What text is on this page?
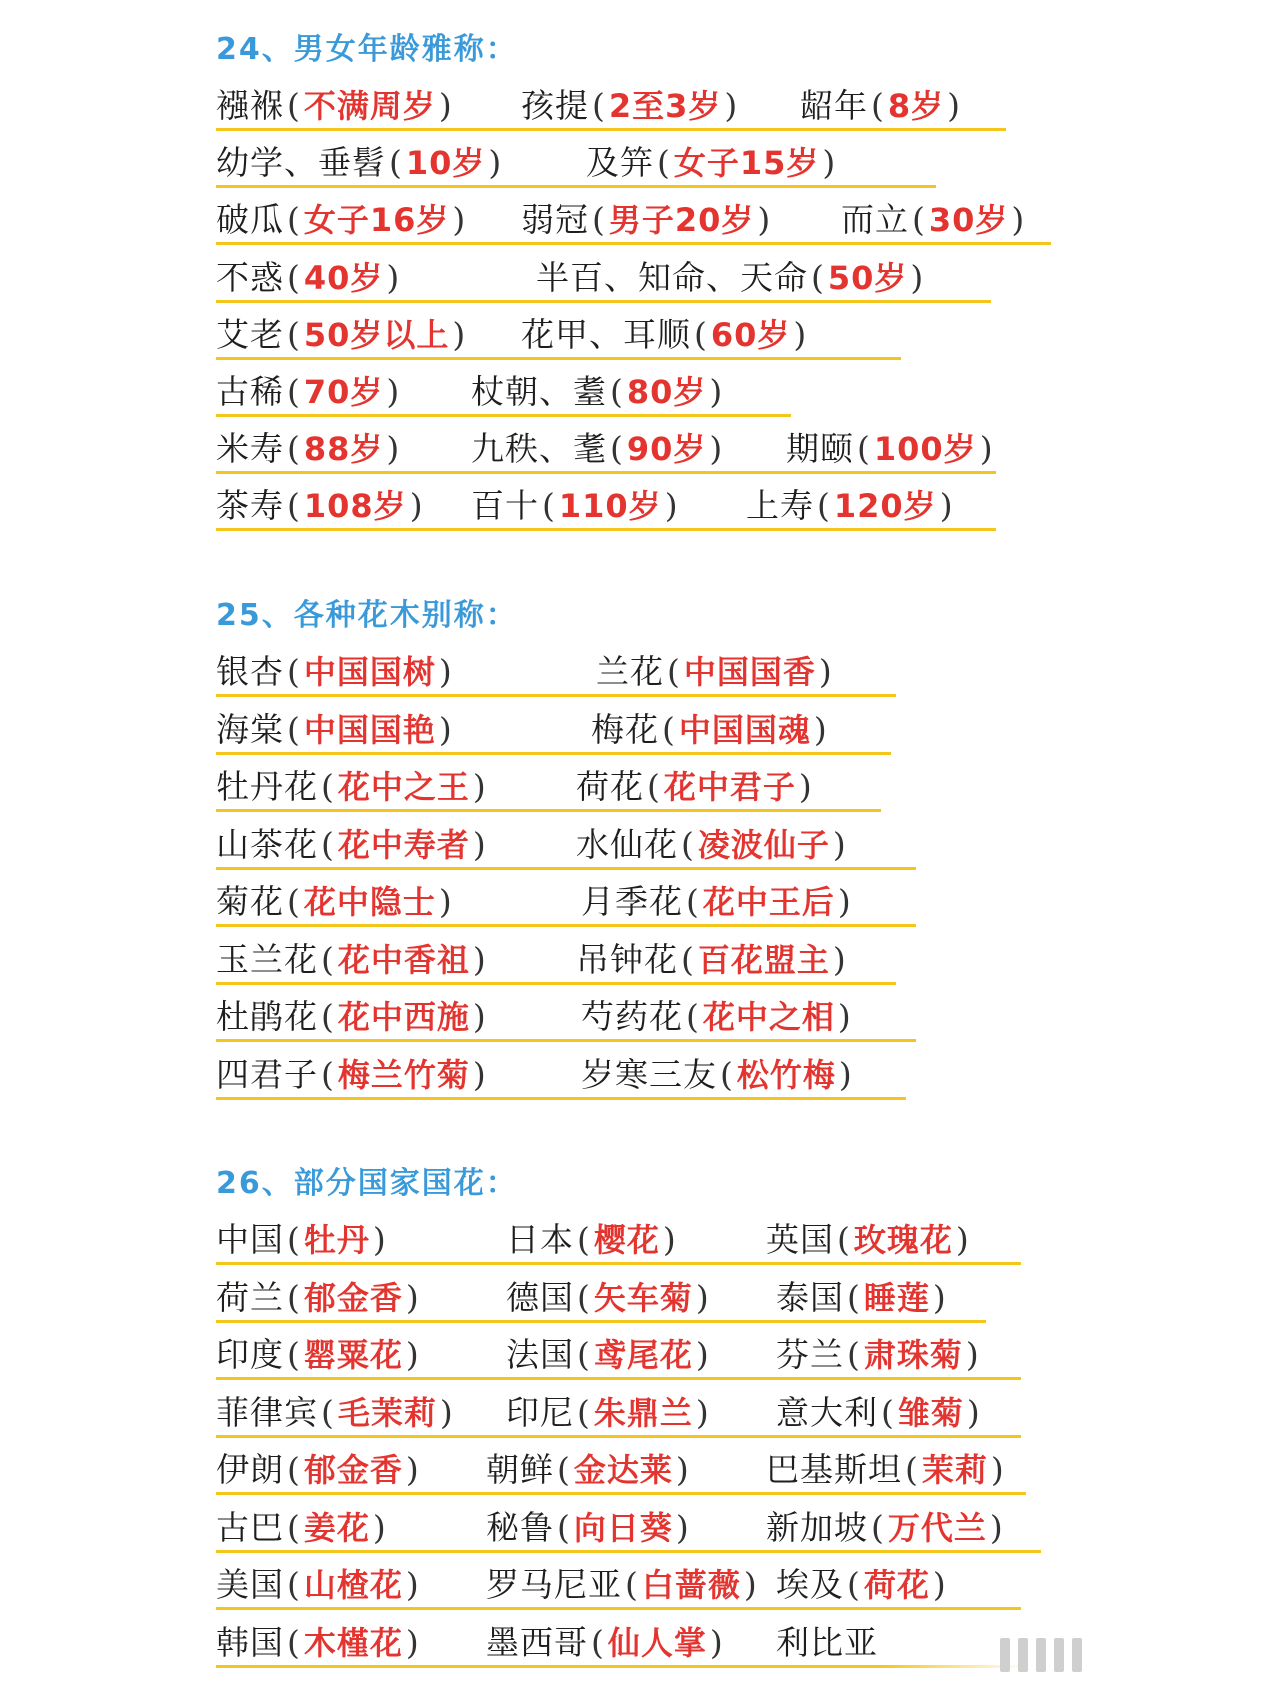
24、男女年龄雅称：
襁褓(不满周岁) 孩提(2至3岁) 龆年(8岁)
幼学、垂髫(10岁)	及笄(女子15岁)
破瓜(女子16岁) 弱冠(男子20岁) 而立(30岁)
不惑(40岁)	半百、知命、天命(50岁)
艾老(50岁以上) 花甲、耳顺(60岁)
古稀(70岁) 杖朝、耋(80岁)
米寿(88岁) 九秩、耄(90岁) 期颐(100岁)
茶寿(108岁) 百十(110岁) 上寿(120岁)
25、各种花木别称：
银杏(中国国树)	兰花(中国国香)
海棠(中国国艳)	梅花(中国国魂)
牡丹花(花中之王)	荷花(花中君子)
山茶花(花中寿者)	水仙花(凌波仙子)
菊花(花中隐士)	月季花(花中王后)
玉兰花(花中香祖)	吊钟花(百花盟主)
杜鹃花(花中西施)	芍药花(花中之相)
四君子(梅兰竹菊)	岁寒三友(松竹梅)
26、部分国家国花：
中国(牡丹)	日本(樱花)	英国(玫瑰花)
荷兰(郁金香)	德国(矢车菊) 泰国(睡莲)
印度(罂粟花)	法国(鸢尾花) 芬兰(肃珠菊)
菲律宾(毛茉莉) 印尼(朱鼎兰) 意大利(雏菊)
伊朗(郁金香) 朝鲜(金达莱) 巴基斯坦(茉莉)
古巴(姜花)	秘鲁(向日葵) 新加坡(万代兰)
美国(山楂花) 罗马尼亚(白蔷薇) 埃及(荷花)
韩国(木槿花) 墨西哥(仙人掌) 利比亚
